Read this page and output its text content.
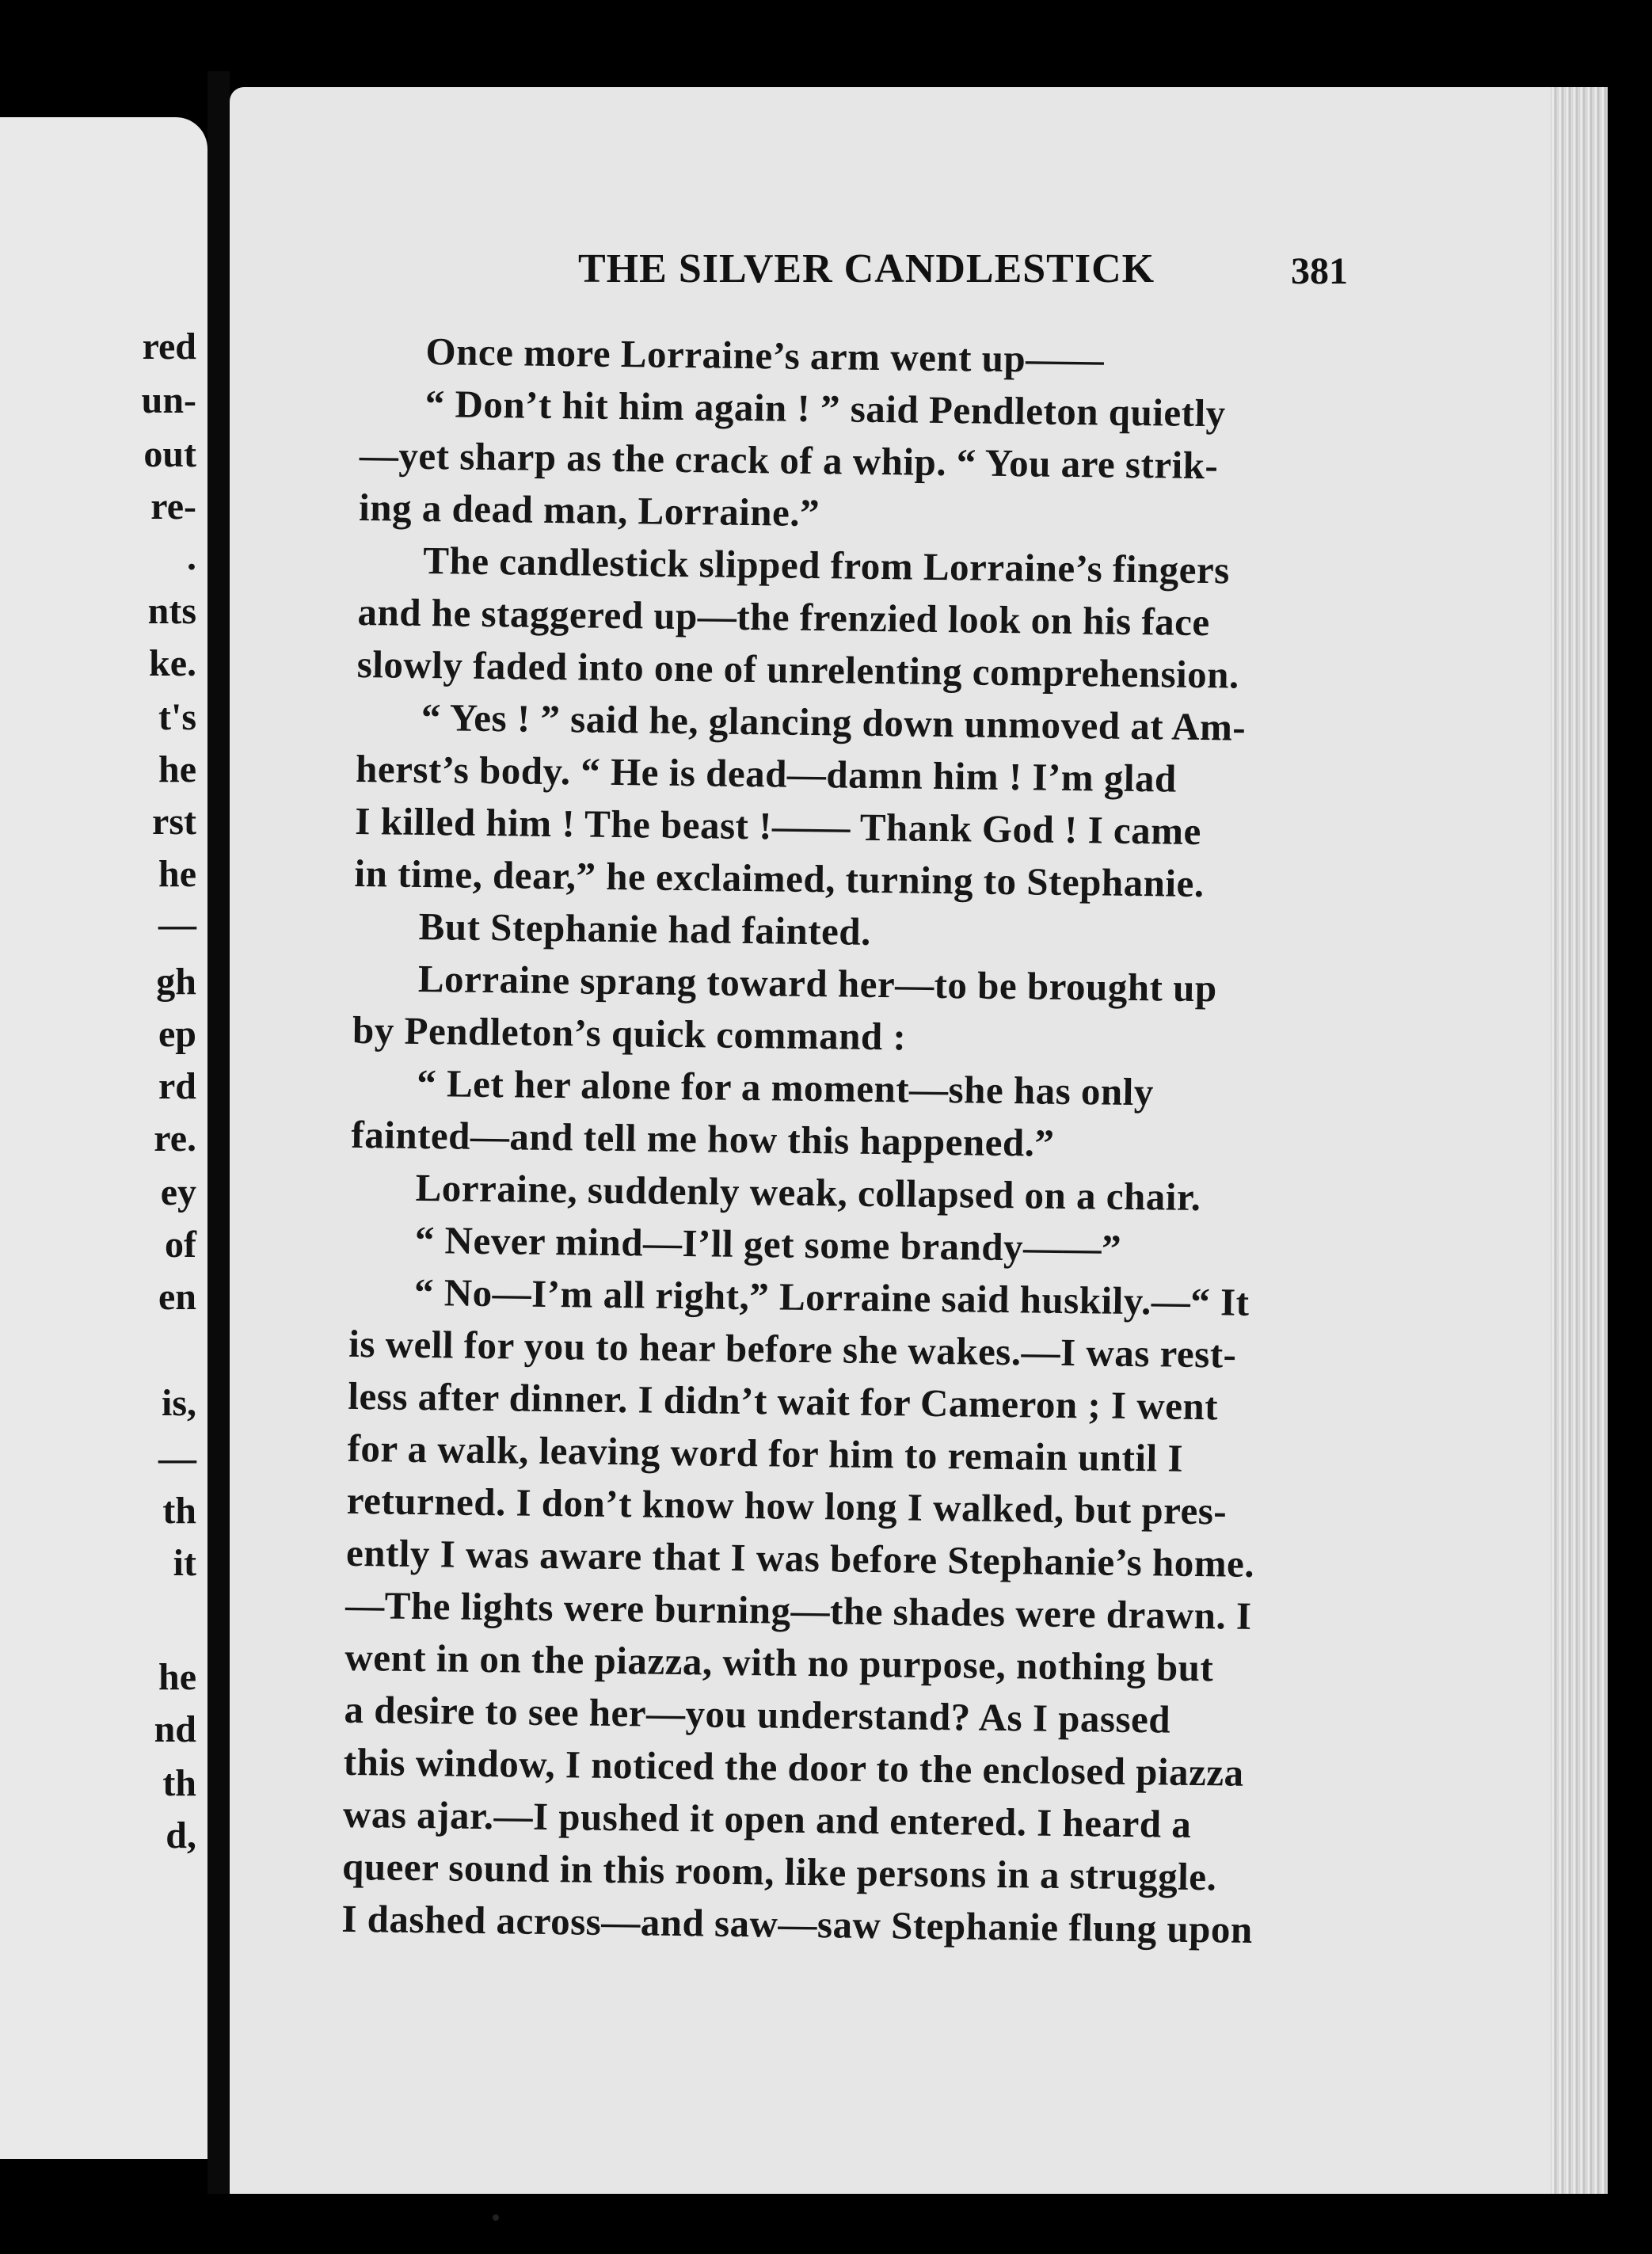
red

un-

out

re-

.

nts

ke.

t's

he

rst

he

—

gh

ep

rd

re.

ey

of

en

is,

—

th

it

he

nd

th

d,

THE SILVER CANDLESTICK	381

Once more Lorraine’s arm went up——
“ Don’t hit him again ! ” said Pendleton quietly
—yet sharp as the crack of a whip. “ You are strik-
ing a dead man, Lorraine.”
The candlestick slipped from Lorraine’s fingers
and he staggered up—the frenzied look on his face
slowly faded into one of unrelenting comprehension.
“ Yes ! ” said he, glancing down unmoved at Am-
herst’s body. “ He is dead—damn him ! I’m glad
I killed him ! The beast !—— Thank God ! I came
in time, dear,” he exclaimed, turning to Stephanie.
But Stephanie had fainted.
Lorraine sprang toward her—to be brought up
by Pendleton’s quick command :
“ Let her alone for a moment—she has only
fainted—and tell me how this happened.”
Lorraine, suddenly weak, collapsed on a chair.
“ Never mind—I’ll get some brandy——”
“ No—I’m all right,” Lorraine said huskily.—“ It
is well for you to hear before she wakes.—I was rest-
less after dinner. I didn’t wait for Cameron ; I went
for a walk, leaving word for him to remain until I
returned. I don’t know how long I walked, but pres-
ently I was aware that I was before Stephanie’s home.
—The lights were burning—the shades were drawn. I
went in on the piazza, with no purpose, nothing but
a desire to see her—you understand? As I passed
this window, I noticed the door to the enclosed piazza
was ajar.—I pushed it open and entered. I heard a
queer sound in this room, like persons in a struggle.
I dashed across—and saw—saw Stephanie flung upon
